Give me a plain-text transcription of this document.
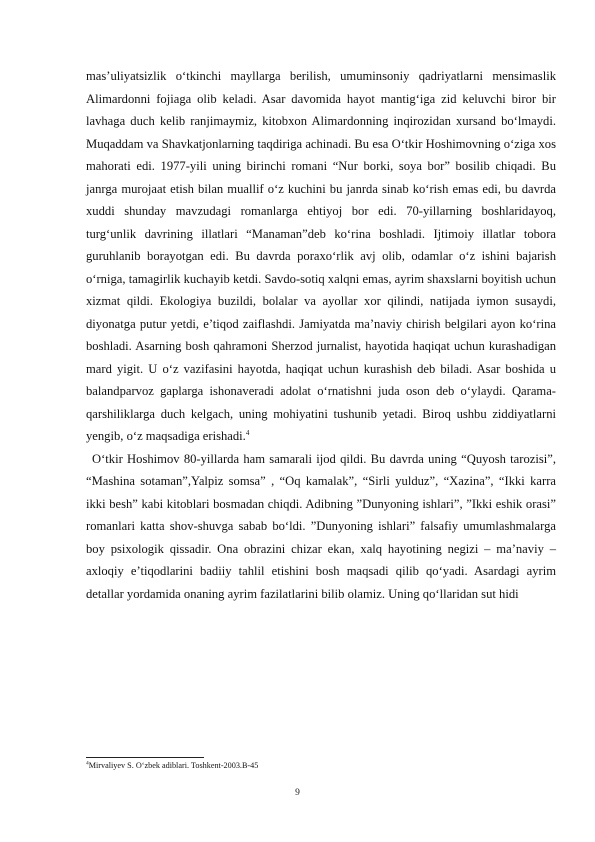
mas’uliyatsizlik o‘tkinchi mayllarga berilish, umuminsoniy qadriyatlarni mensimaslik Alimardonni fojiaga olib keladi. Asar davomida hayot mantig‘iga zid keluvchi biror bir lavhaga duch kelib ranjimaymiz, kitobxon Alimardonning inqirozidan xursand bo‘lmaydi. Muqaddam va Shavkatjonlarning taqdiriga achinadi. Bu esa O‘tkir Hoshimovning o‘ziga xos mahorati edi. 1977-yili uning birinchi romani “Nur borki, soya bor” bosilib chiqadi. Bu janrga murojaat etish bilan muallif o‘z kuchini bu janrda sinab ko‘rish emas edi, bu davrda xuddi shunday mavzudagi romanlarga ehtiyoj bor edi. 70-yillarning boshlaridayoq, turg‘unlik davrining illatlari “Manaman”deb ko‘rina boshladi. Ijtimoiy illatlar tobora guruhlanib borayotgan edi. Bu davrda poraxo‘rlik avj olib, odamlar o‘z ishini bajarish o‘rniga, tamagirlik kuchayib ketdi. Savdo-sotiq xalqni emas, ayrim shaxslarni boyitish uchun xizmat qildi. Ekologiya buzildi, bolalar va ayollar xor qilindi, natijada iymon susaydi, diyonatga putur yetdi, e’tiqod zaiflashdi. Jamiyatda ma’naviy chirish belgilari ayon ko‘rina boshladi. Asarning bosh qahramoni Sherzod jurnalist, hayotida haqiqat uchun kurashadigan mard yigit. U o‘z vazifasini hayotda, haqiqat uchun kurashish deb biladi. Asar boshida u balandparvoz gaplarga ishonaveradi adolat o‘rnatishni juda oson deb o‘ylaydi. Qarama-qarshiliklarga duch kelgach, uning mohiyatini tushunib yetadi. Biroq ushbu ziddiyatlarni yengib, o‘z maqsadiga erishadi.$^4$

O‘tkir Hoshimov 80-yillarda ham samarali ijod qildi. Bu davrda uning “Quyosh tarozisi”, “Mashina sotaman”,Yalpiz somsa” , “Oq kamalak”, “Sirli yulduz”, “Xazina”, “Ikki karra ikki besh” kabi kitoblari bosmadan chiqdi. Adibning ”Dunyoning ishlari”, ”Ikki eshik orasi” romanlari katta shov-shuvga sabab bo‘ldi. ”Dunyoning ishlari” falsafiy umumlashmalarga boy psixologik qissadir. Ona obrazini chizar ekan, xalq hayotining negizi – ma’naviy – axloqiy e’tiqodlarini badiiy tahlil etishini bosh maqsadi qilib qo‘yadi. Asardagi ayrim detallar yordamida onaning ayrim fazilatlarini bilib olamiz. Uning qo‘llaridan sut hidi

$^4$Mirvaliyev S. O‘zbek adiblari. Toshkent-2003.B-45
9
